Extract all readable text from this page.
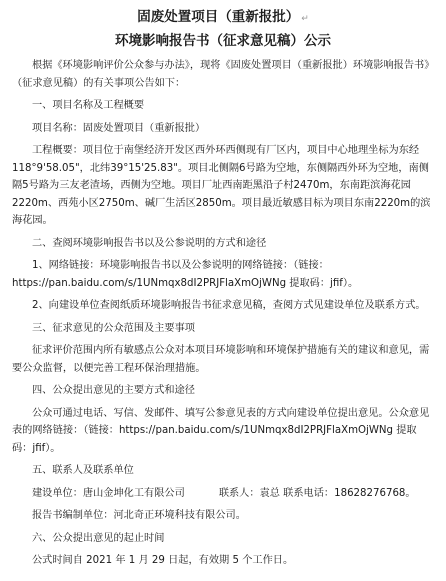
固废处置项目（重新报批） ↵
环境影响报告书（征求意见稿）公示

根据《环境影响评价公众参与办法》，现将《固废处置项目（重新报批）环境影响报告书》（征求意见稿）的有关事项公告如下：

一、项目名称及工程概要

项目名称：固废处置项目（重新报批）

工程概要：项目位于南堡经济开发区西外环西侧现有厂区内，项目中心地理坐标为东经118°9'58.05"，北纬39°15'25.83"。项目北侧隔6号路为空地，东侧隔西外环为空地，南侧隔5号路为三友老渣场，西侧为空地。项目厂址西南距黑沿子村2470m，东南距滨海花园2220m、西苑小区2750m、碱厂生活区2850m。项目最近敏感目标为项目东南2220m的滨海花园。

二、查阅环境影响报告书以及公参说明的方式和途径

1、网络链接：环境影响报告书以及公参说明的网络链接：（链接：https://pan.baidu.com/s/1UNmqx8dI2PRJFlaXmOjWNg 提取码：jfif）。

2、向建设单位查阅纸质环境影响报告书征求意见稿，查阅方式见建设单位及联系方式。

三、征求意见的公众范围及主要事项

征求评价范围内所有敏感点公众对本项目环境影响和环境保护措施有关的建议和意见，需要公众监督，以便完善工程环保治理措施。

四、公众提出意见的主要方式和途径

公众可通过电话、写信、发邮件、填写公参意见表的方式向建设单位提出意见。公众意见表的网络链接：（链接：https://pan.baidu.com/s/1UNmqx8dI2PRJFlaXmOjWNg 提取码：jfif）。

五、联系人及联系单位

建设单位：唐山金坤化工有限公司	联系人：袁总 联系电话：18628276768。

报告书编制单位：河北奇正环境科技有限公司。

六、公众提出意见的起止时间

公式时间自 2021 年 1 月 29 日起，有效期 5 个工作日。
